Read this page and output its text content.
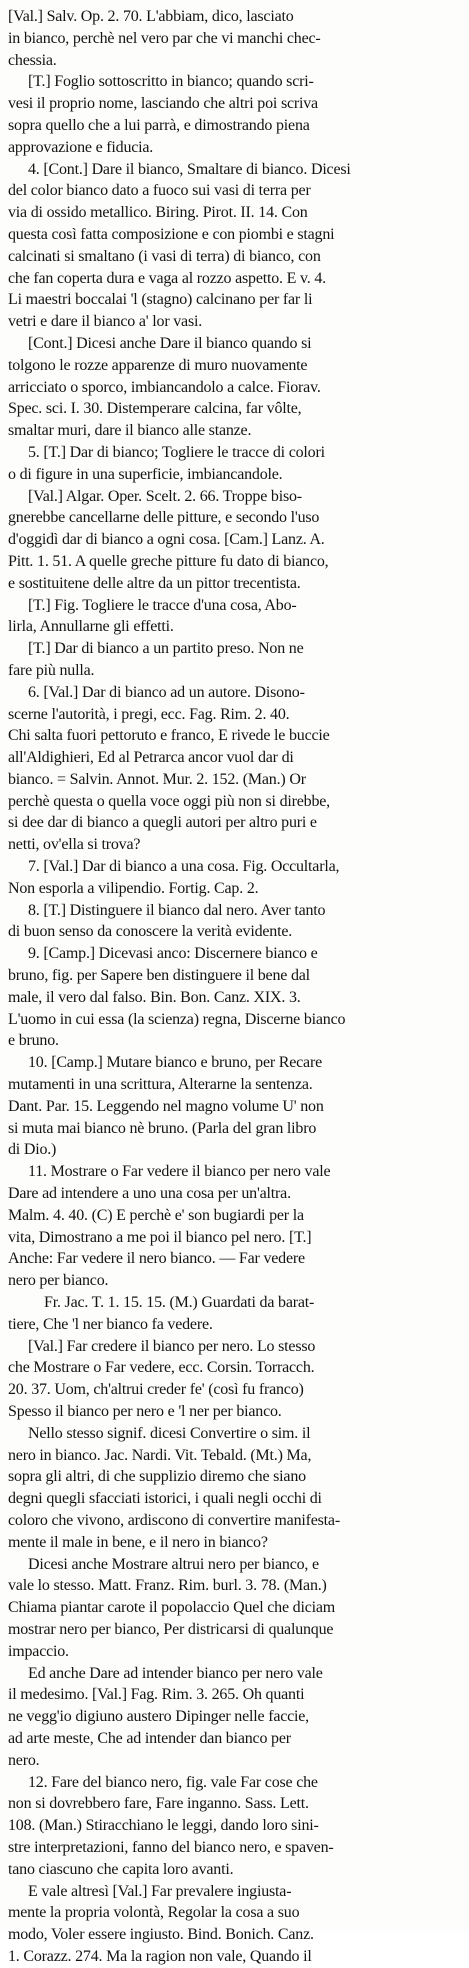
[Val.] Salv. Op. 2. 70. L'abbiam, dico, lasciato
in bianco, perchè nel vero par che vi manchi chec-
chessia.
[T.] Foglio sottoscritto in bianco; quando scri-
vesi il proprio nome, lasciando che altri poi scriva
sopra quello che a lui parrà, e dimostrando piena
approvazione e fiducia.
4. [Cont.] Dare il bianco, Smaltare di bianco. Dicesi
del color bianco dato a fuoco sui vasi di terra per
via di ossido metallico. Biring. Pirot. II. 14. Con
questa così fatta composizione e con piombi e stagni
calcinati si smaltano (i vasi di terra) di bianco, con
che fan coperta dura e vaga al rozzo aspetto. E v. 4.
Li maestri boccalai 'l (stagno) calcinano per far li
vetri e dare il bianco a' lor vasi.
[Cont.] Dicesi anche Dare il bianco quando si
tolgono le rozze apparenze di muro nuovamente
arricciato o sporco, imbiancandolo a calce. Fiorav.
Spec. sci. I. 30. Distemperare calcina, far vôlte,
smaltar muri, dare il bianco alle stanze.
5. [T.] Dar di bianco; Togliere le tracce di colori
o di figure in una superficie, imbiancandole.
[Val.] Algar. Oper. Scelt. 2. 66. Troppe biso-
gnerebbe cancellarne delle pitture, e secondo l'uso
d'oggidì dar di bianco a ogni cosa. [Cam.] Lanz. A.
Pitt. 1. 51. A quelle greche pitture fu dato di bianco,
e sostituitene delle altre da un pittor trecentista.
[T.] Fig. Togliere le tracce d'una cosa, Abo-
lirla, Annullarne gli effetti.
[T.] Dar di bianco a un partito preso. Non ne
fare più nulla.
6. [Val.] Dar di bianco ad un autore. Disono-
scerne l'autorità, i pregi, ecc. Fag. Rim. 2. 40.
Chi salta fuori pettoruto e franco, E rivede le buccie
all'Aldighieri, Ed al Petrarca ancor vuol dar di
bianco. = Salvin. Annot. Mur. 2. 152. (Man.) Or
perchè questa o quella voce oggi più non si direbbe,
si dee dar di bianco a quegli autori per altro puri e
netti, ov'ella si trova?
7. [Val.] Dar di bianco a una cosa. Fig. Occultarla,
Non esporla a vilipendio. Fortig. Cap. 2.
8. [T.] Distinguere il bianco dal nero. Aver tanto
di buon senso da conoscere la verità evidente.
9. [Camp.] Dicevasi anco: Discernere bianco e
bruno, fig. per Sapere ben distinguere il bene dal
male, il vero dal falso. Bin. Bon. Canz. XIX. 3.
L'uomo in cui essa (la scienza) regna, Discerne bianco
e bruno.
10. [Camp.] Mutare bianco e bruno, per Recare
mutamenti in una scrittura, Alterarne la sentenza.
Dant. Par. 15. Leggendo nel magno volume U' non
si muta mai bianco nè bruno. (Parla del gran libro
di Dio.)
11. Mostrare o Far vedere il bianco per nero vale
Dare ad intendere a uno una cosa per un'altra.
Malm. 4. 40. (C) E perchè e' son bugiardi per la
vita, Dimostrano a me poi il bianco pel nero. [T.]
Anche: Far vedere il nero bianco. — Far vedere
nero per bianco.
Fr. Jac. T. 1. 15. 15. (M.) Guardati da barat-
tiere, Che 'l ner bianco fa vedere.
[Val.] Far credere il bianco per nero. Lo stesso
che Mostrare o Far vedere, ecc. Corsin. Torracch.
20. 37. Uom, ch'altrui creder fe' (così fu franco)
Spesso il bianco per nero e 'l ner per bianco.
Nello stesso signif. dicesi Convertire o sim. il
nero in bianco. Jac. Nardi. Vit. Tebald. (Mt.) Ma,
sopra gli altri, di che supplizio diremo che siano
degni quegli sfacciati istorici, i quali negli occhi di
coloro che vivono, ardiscono di convertire manifesta-
mente il male in bene, e il nero in bianco?
Dicesi anche Mostrare altrui nero per bianco, e
vale lo stesso. Matt. Franz. Rim. burl. 3. 78. (Man.)
Chiama piantar carote il popolaccio Quel che diciam
mostrar nero per bianco, Per districarsi di qualunque
impaccio.
Ed anche Dare ad intender bianco per nero vale
il medesimo. [Val.] Fag. Rim. 3. 265. Oh quanti
ne vegg'io digiuno austero Dipinger nelle faccie,
ad arte meste, Che ad intender dan bianco per
nero.
12. Fare del bianco nero, fig. vale Far cose che
non si dovrebbero fare, Fare inganno. Sass. Lett.
108. (Man.) Stiracchiano le leggi, dando loro sini-
stre interpretazioni, fanno del bianco nero, e spaven-
tano ciascuno che capita loro avanti.
E vale altresì [Val.] Far prevalere ingiusta-
mente la propria volontà, Regolar la cosa a suo
modo, Voler essere ingiusto. Bind. Bonich. Canz.
1. Corazz. 274. Ma la ragion non vale, Quando il
